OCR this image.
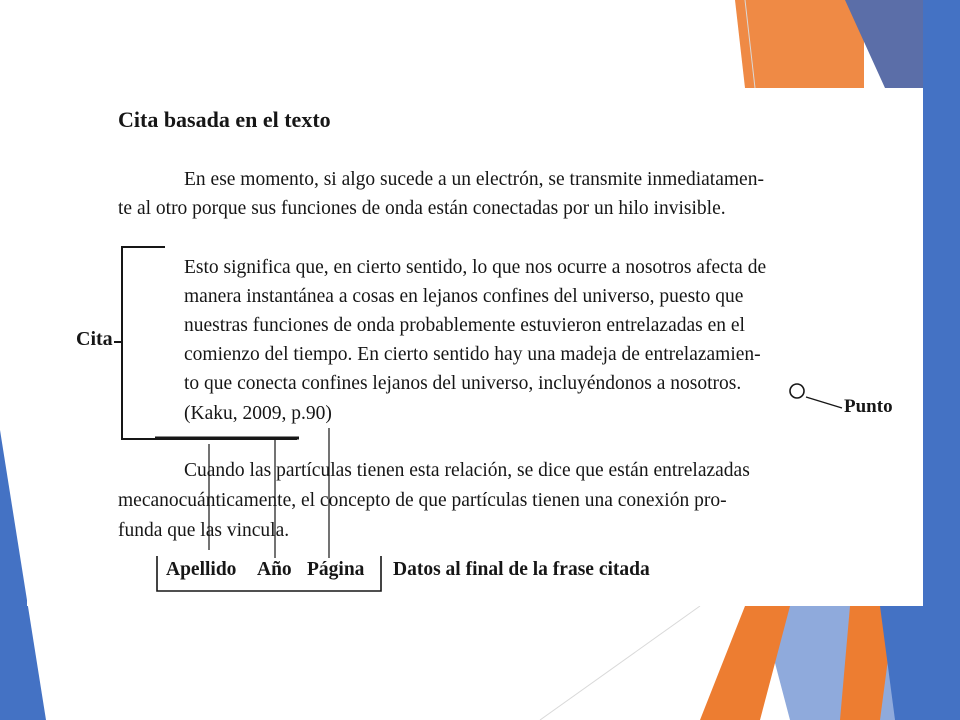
Cita basada en el texto
En ese momento, si algo sucede a un electrón, se transmite inmediatamen-
te al otro porque sus funciones de onda están conectadas por un hilo invisible.
Esto significa que, en cierto sentido, lo que nos ocurre a nosotros afecta de
manera instantánea a cosas en lejanos confines del universo, puesto que
nuestras funciones de onda probablemente estuvieron entrelazadas en el
comienzo del tiempo. En cierto sentido hay una madeja de entrelazamien-
to que conecta confines lejanos del universo, incluyéndonos a nosotros.
(Kaku, 2009, p.90)
Cuando las partículas tienen esta relación, se dice que están entrelazadas
mecanocuánticamente, el concepto de que partículas tienen una conexión pro-
funda que las vincula.
Cita
Punto
Apellido Año Página Datos al final de la frase citada
